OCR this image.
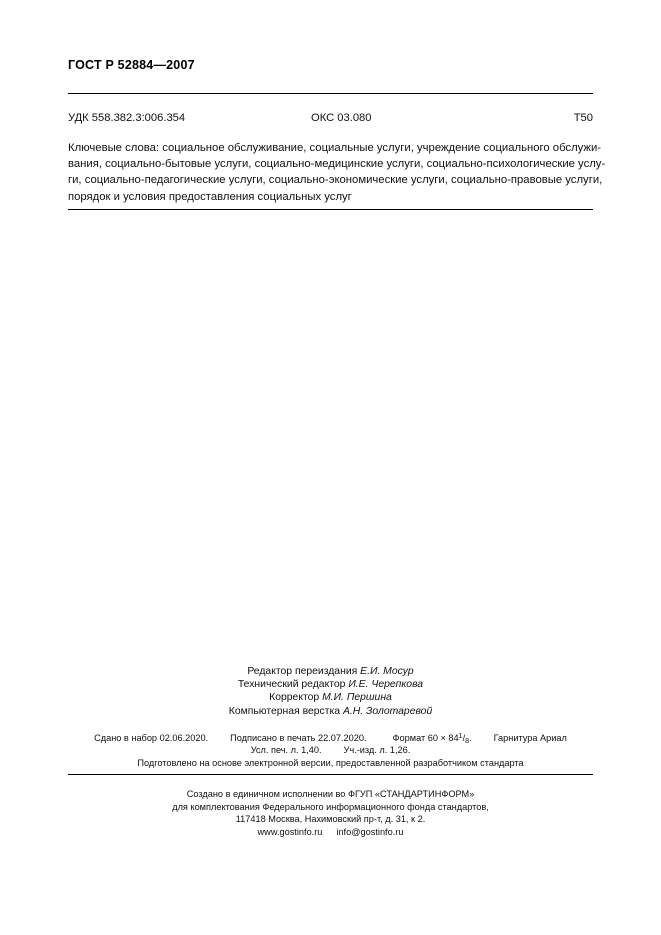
ГОСТ Р 52884—2007
УДК 558.382.3:006.354	ОКС 03.080	Т50
Ключевые слова: социальное обслуживание, социальные услуги, учреждение социального обслужи-
вания, социально-бытовые услуги, социально-медицинские услуги, социально-психологические услу-
ги, социально-педагогические услуги, социально-экономические услуги, социально-правовые услуги,
порядок и условия предоставления социальных услуг
Редактор переиздания Е.И. Мосур
Технический редактор И.Е. Черепкова
Корректор М.И. Першина
Компьютерная верстка А.Н. Золотаревой
Сдано в набор 02.06.2020. Подписано в печать 22.07.2020.	Формат $60 \times 84^1/_8$. Гарнитура Ариал
Усл. печ. л. 1,40. Уч.-изд. л. 1,26.
Подготовлено на основе электронной версии, предоставленной разработчиком стандарта
Создано в единичном исполнении во ФГУП «СТАНДАРТИНФОРМ»
для комплектования Федерального информационного фонда стандартов,
117418 Москва, Нахимовский пр-т, д. 31, к 2.
www.gostinfo.ru info@gostinfo.ru
